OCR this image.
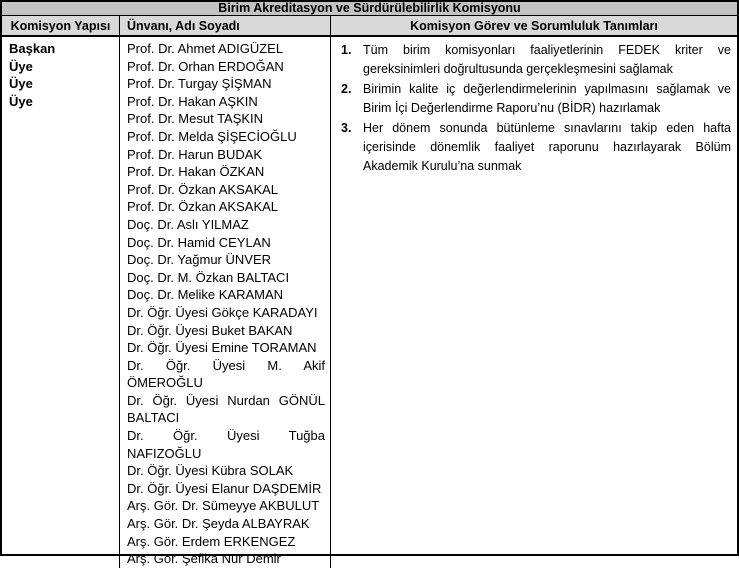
Birim Akreditasyon ve Sürdürülebilirlik Komisyonu
Komisyon Yapısı	Ünvanı, Adı Soyadı	Komisyon Görev ve Sorumluluk Tanımları
Başkan
Üye
Üye
Üye
Prof. Dr. Ahmet ADIGÜZEL
Prof. Dr. Orhan ERDOĞAN
Prof. Dr. Turgay ŞİŞMAN
Prof. Dr. Hakan AŞKIN
Prof. Dr. Mesut TAŞKIN
Prof. Dr. Melda ŞİŞECİOĞLU
Prof. Dr. Harun BUDAK
Prof. Dr. Hakan ÖZKAN
Prof. Dr. Özkan AKSAKAL
Prof. Dr. Özkan AKSAKAL
Doç. Dr. Aslı YILMAZ
Doç. Dr. Hamid CEYLAN
Doç. Dr. Yağmur ÜNVER
Doç. Dr. M. Özkan BALTACI
Doç. Dr. Melike KARAMAN
Dr. Öğr. Üyesi Gökçe KARADAYI
Dr. Öğr. Üyesi Buket BAKAN
Dr. Öğr. Üyesi Emine TORAMAN
Dr. Öğr. Üyesi M. Akif ÖMEROĞLU
Dr. Öğr. Üyesi Nurdan GÖNÜL BALTACI
Dr. Öğr. Üyesi Tuğba NAFIZOĞLU
Dr. Öğr. Üyesi Kübra SOLAK
Dr. Öğr. Üyesi Elanur DAŞDEMİR
Arş. Gör. Dr. Sümeyye AKBULUT
Arş. Gör. Dr. Şeyda ALBAYRAK
Arş. Gör. Erdem ERKENGEZ
Arş. Gör. Şefika Nur Demir
Tüm birim komisyonları faaliyetlerinin FEDEK kriter ve gereksinimleri doğrultusunda gerçekleşmesini sağlamak
Birimin kalite iç değerlendirmelerinin yapılmasını sağlamak ve Birim İçi Değerlendirme Raporu’nu (BİDR) hazırlamak
Her dönem sonunda bütünleme sınavlarını takip eden hafta içerisinde dönemlik faaliyet raporunu hazırlayarak Bölüm Akademik Kurulu’na sunmak
